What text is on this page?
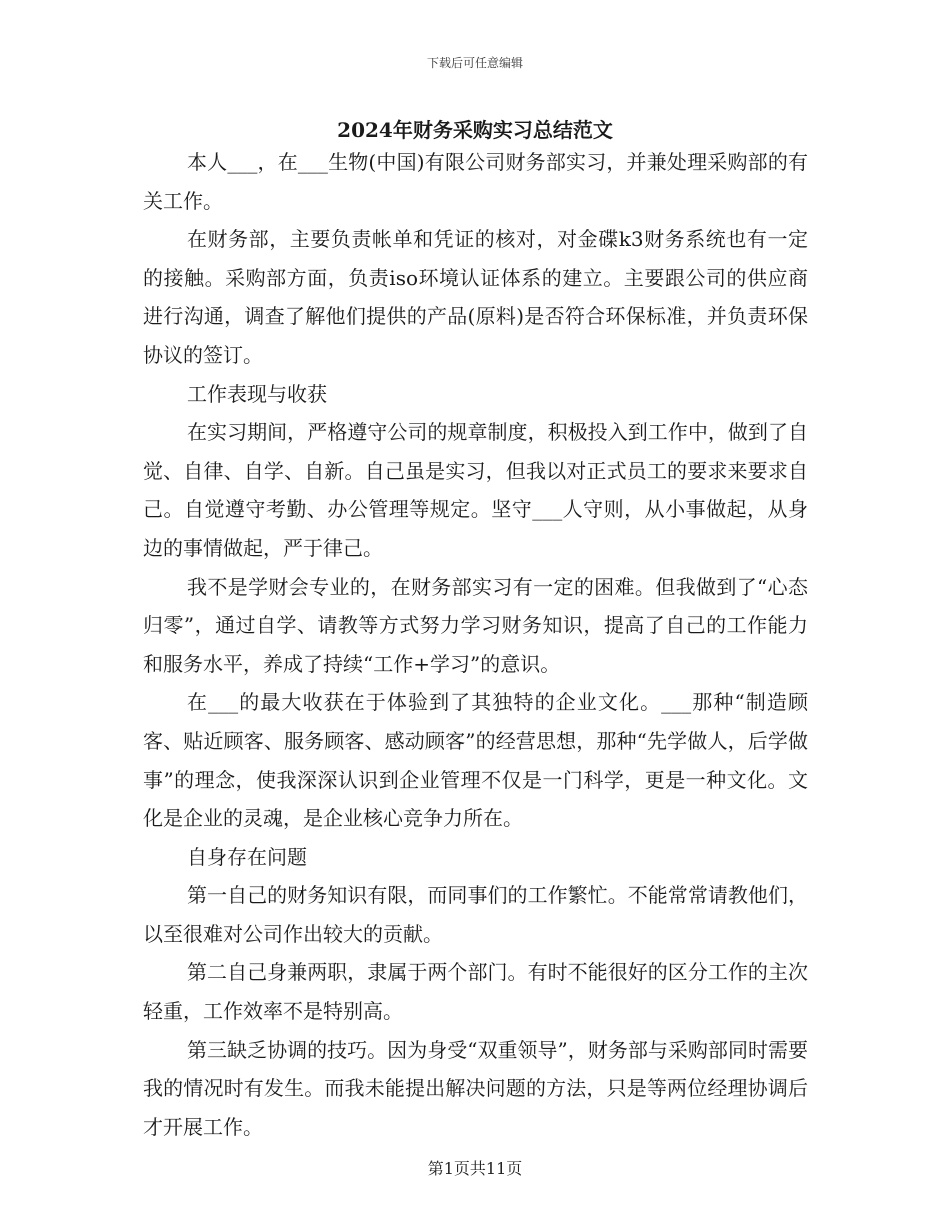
下载后可任意编辑
2024年财务采购实习总结范文

本人___，在___生物(中国)有限公司财务部实习，并兼处理采购部的有关工作。

在财务部，主要负责帐单和凭证的核对，对金碟k3财务系统也有一定的接触。采购部方面，负责iso环境认证体系的建立。主要跟公司的供应商进行沟通，调查了解他们提供的产品(原料)是否符合环保标准，并负责环保协议的签订。

工作表现与收获

在实习期间，严格遵守公司的规章制度，积极投入到工作中，做到了自觉、自律、自学、自新。自己虽是实习，但我以对正式员工的要求来要求自己。自觉遵守考勤、办公管理等规定。坚守___人守则，从小事做起，从身边的事情做起，严于律己。

我不是学财会专业的，在财务部实习有一定的困难。但我做到了“心态归零”，通过自学、请教等方式努力学习财务知识，提高了自己的工作能力和服务水平，养成了持续“工作+学习”的意识。

在___的最大收获在于体验到了其独特的企业文化。___那种“制造顾客、贴近顾客、服务顾客、感动顾客”的经营思想，那种“先学做人，后学做事”的理念，使我深深认识到企业管理不仅是一门科学，更是一种文化。文化是企业的灵魂，是企业核心竞争力所在。

自身存在问题

第一自己的财务知识有限，而同事们的工作繁忙。不能常常请教他们，以至很难对公司作出较大的贡献。

第二自己身兼两职，隶属于两个部门。有时不能很好的区分工作的主次轻重，工作效率不是特别高。

第三缺乏协调的技巧。因为身受“双重领导”，财务部与采购部同时需要我的情况时有发生。而我未能提出解决问题的方法，只是等两位经理协调后才开展工作。

第1页共11页
